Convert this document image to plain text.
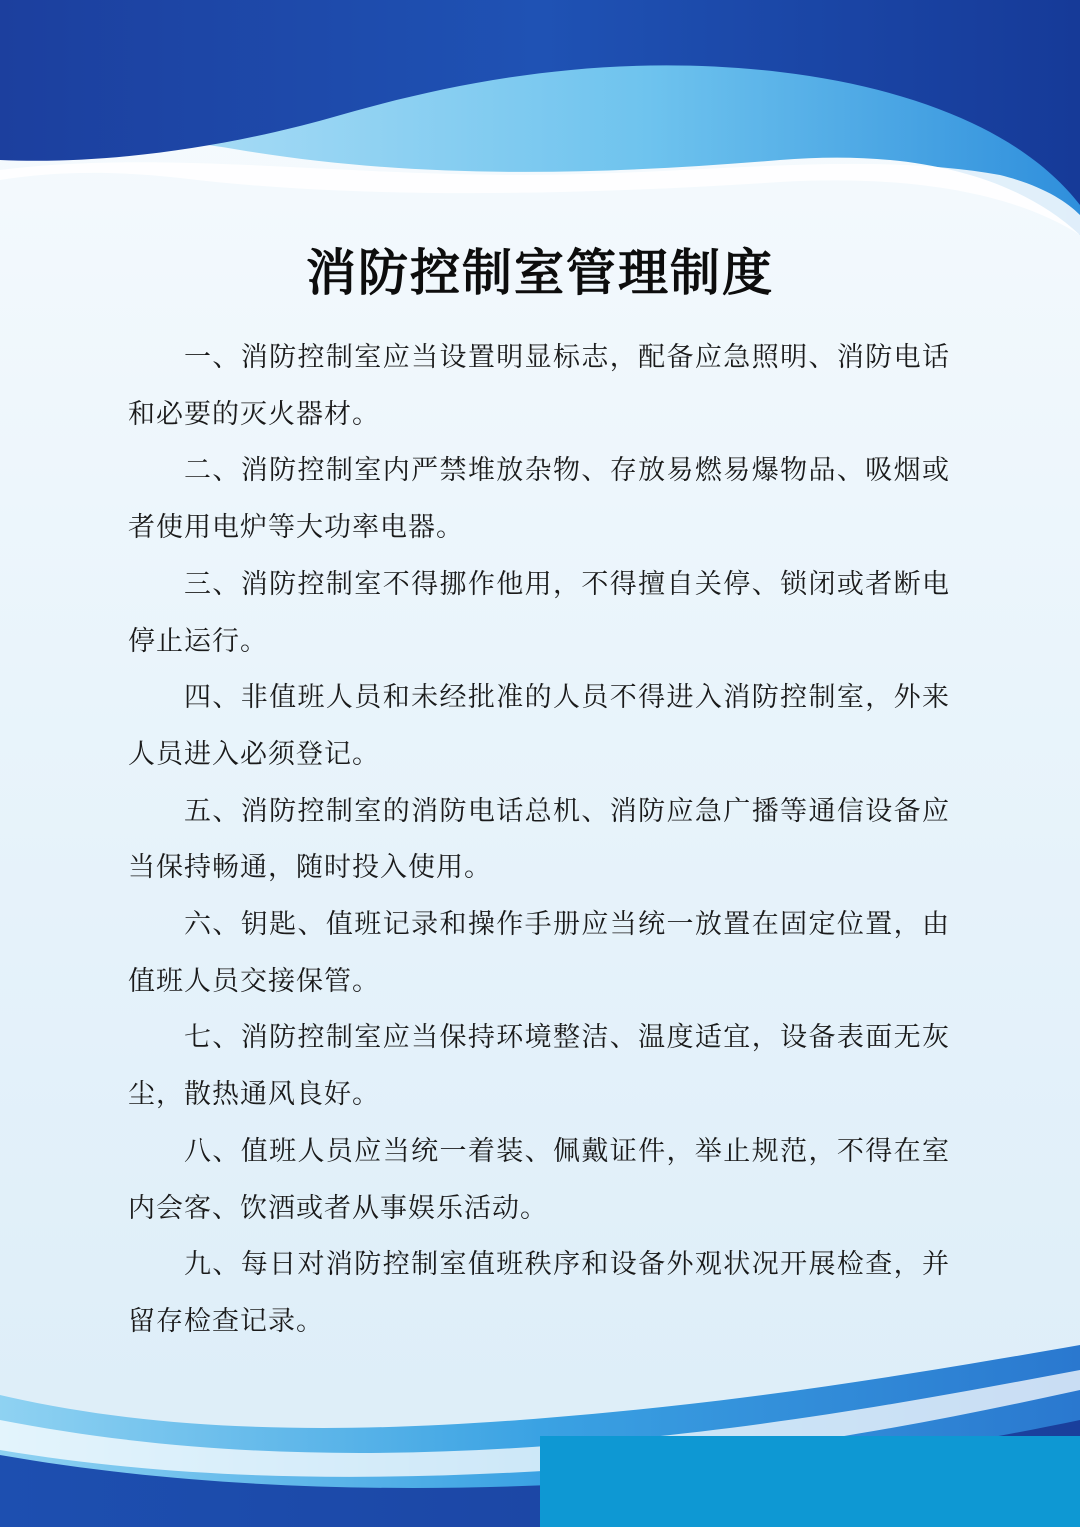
消防控制室管理制度

一、消防控制室应当设置明显标志，配备应急照明、消防电话和必要的灭火器材。

二、消防控制室内严禁堆放杂物、存放易燃易爆物品、吸烟或者使用电炉等大功率电器。

三、消防控制室不得挪作他用，不得擅自关停、锁闭或者断电停止运行。

四、非值班人员和未经批准的人员不得进入消防控制室，外来人员进入必须登记。

五、消防控制室的消防电话总机、消防应急广播等通信设备应当保持畅通，随时投入使用。

六、钥匙、值班记录和操作手册应当统一放置在固定位置，由值班人员交接保管。

七、消防控制室应当保持环境整洁、温度适宜，设备表面无灰尘，散热通风良好。

八、值班人员应当统一着装、佩戴证件，举止规范，不得在室内会客、饮酒或者从事娱乐活动。

九、每日对消防控制室值班秩序和设备外观状况开展检查，并留存检查记录。
